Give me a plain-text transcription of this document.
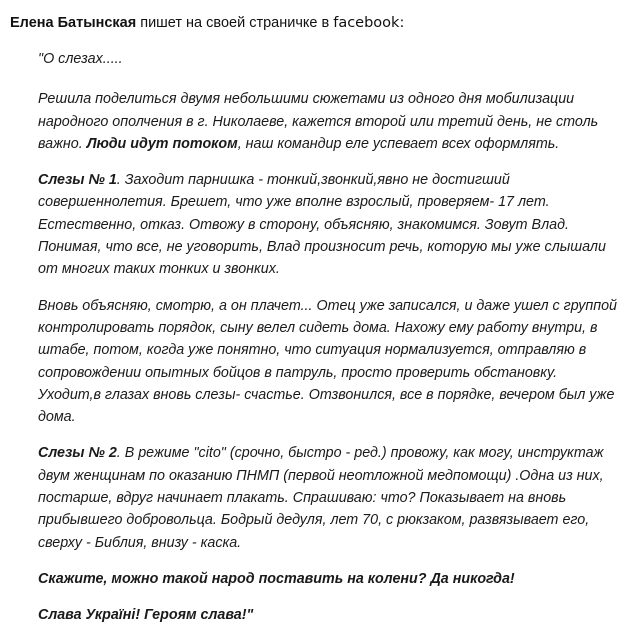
Елена Батынская пишет на своей страничке в facebook:

"О слезах.....

Решила поделиться двумя небольшими сюжетами из одного дня мобилизации народного ополчения в г. Николаеве, кажется второй или третий день, не столь важно. Люди идут потоком, наш командир еле успевает всех оформлять.

Слезы № 1. Заходит парнишка - тонкий,звонкий,явно не достигший совершеннолетия. Брешет, что уже вполне взрослый, проверяем- 17 лет. Естественно, отказ. Отвожу в сторону, объясняю, знакомимся. Зовут Влад. Понимая, что все, не уговорить, Влад произносит речь, которую мы уже слышали от многих таких тонких и звонких.

Вновь объясняю, смотрю, а он плачет... Отец уже записался, и даже ушел с группой контролировать порядок, сыну велел сидеть дома. Нахожу ему работу внутри, в штабе, потом, когда уже понятно, что ситуация нормализуется, отправляю в сопровождении опытных бойцов в патруль, просто проверить обстановку. Уходит,в глазах вновь слезы- счастье. Отзвонился, все в порядке, вечером был уже дома.

Слезы № 2. В режиме "cito" (срочно, быстро - ред.) провожу, как могу, инструктаж двум женщинам по оказанию ПНМП (первой неотложной медпомощи) .Одна из них, постарше, вдруг начинает плакать. Спрашиваю: что? Показывает на вновь прибывшего добровольца. Бодрый дедуля, лет 70, с рюкзаком, развязывает его, сверху - Библия, внизу - каска.

Скажите, можно такой народ поставить на колени? Да никогда!

Слава Україні! Героям слава!"
